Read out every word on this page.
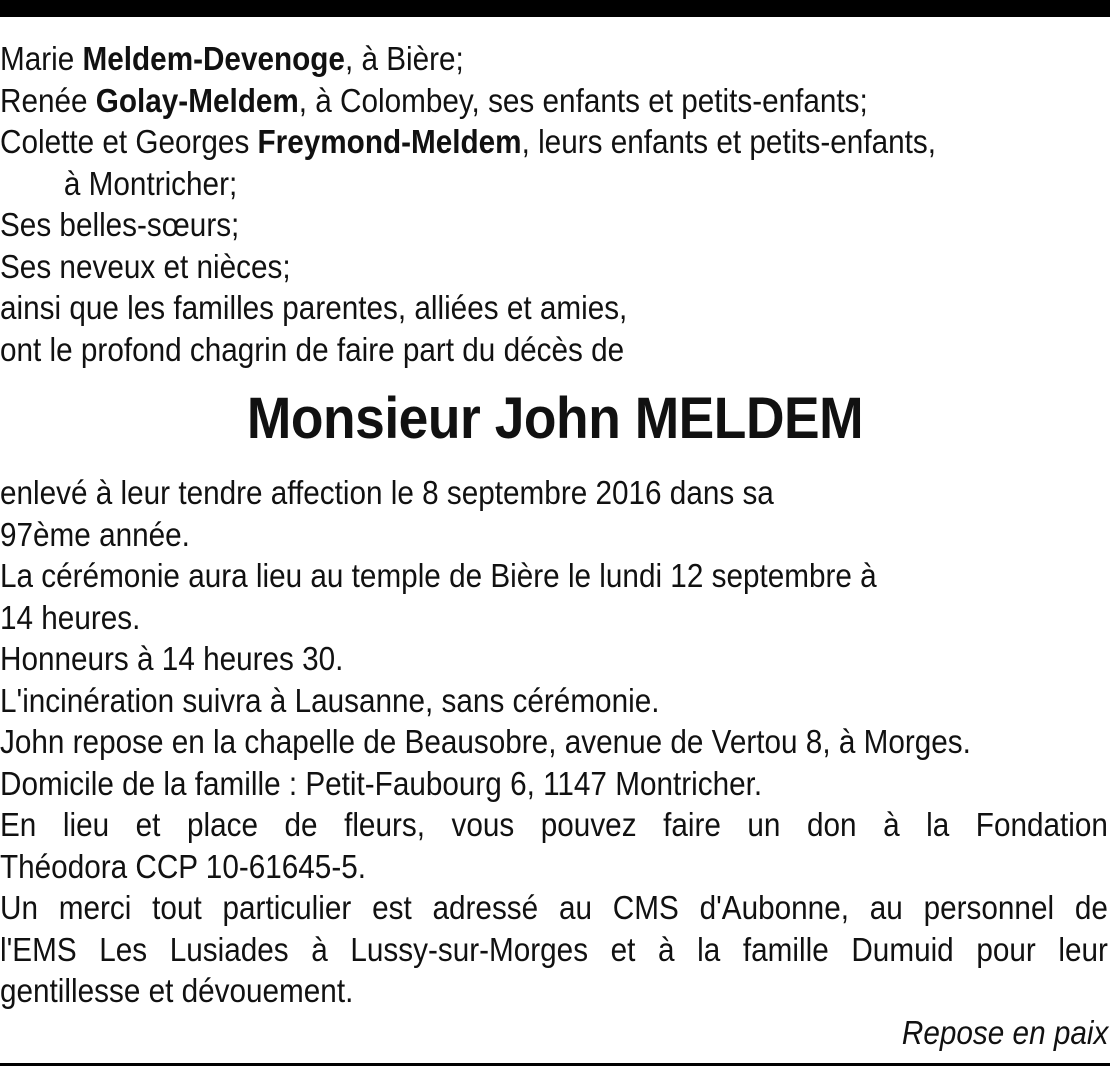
Marie Meldem-Devenoge, à Bière;
Renée Golay-Meldem, à Colombey, ses enfants et petits-enfants;
Colette et Georges Freymond-Meldem, leurs enfants et petits-enfants,
à Montricher;
Ses belles-sœurs;
Ses neveux et nièces;
ainsi que les familles parentes, alliées et amies,
ont le profond chagrin de faire part du décès de
Monsieur John MELDEM
enlevé à leur tendre affection le 8 septembre 2016 dans sa
97ème année.
La cérémonie aura lieu au temple de Bière le lundi 12 septembre à
14 heures.
Honneurs à 14 heures 30.
L'incinération suivra à Lausanne, sans cérémonie.
John repose en la chapelle de Beausobre, avenue de Vertou 8, à Morges.
Domicile de la famille : Petit-Faubourg 6, 1147 Montricher.
En lieu et place de fleurs, vous pouvez faire un don à la Fondation
Théodora CCP 10-61645-5.
Un merci tout particulier est adressé au CMS d'Aubonne, au personnel de
l'EMS Les Lusiades à Lussy-sur-Morges et à la famille Dumuid pour leur
gentillesse et dévouement.
Repose en paix
